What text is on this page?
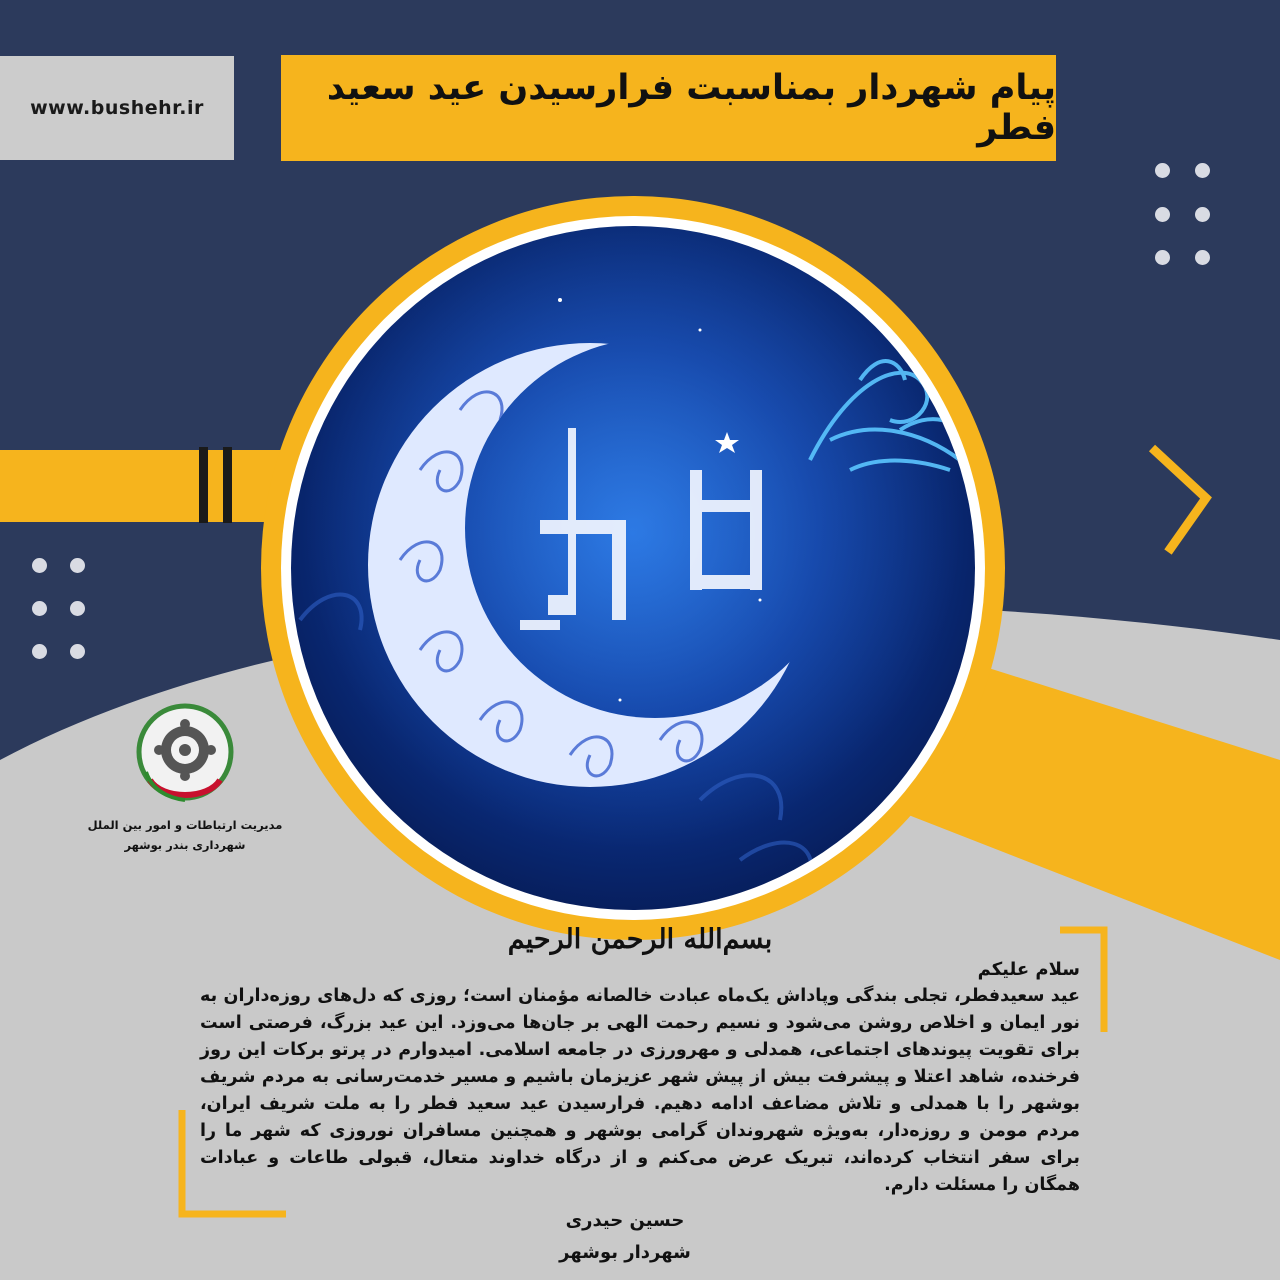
www.bushehr.ir	پیام شهردار بمناسبت فرارسیدن عید سعید فطر
مدیریت ارتباطات و امور بین الملل
شهرداری بندر بوشهر
بسم‌الله الرحمن الرحیم
سلام علیکم
عید سعیدفطر، تجلی بندگی وپاداش یک‌ماه عبادت خالصانه مؤمنان است؛ روزی که دل‌های روزه‌داران به نور ایمان و اخلاص روشن می‌شود و نسیم رحمت الهی بر جان‌ها می‌وزد. این عید بزرگ، فرصتی است برای تقویت پیوندهای اجتماعی، همدلی و مهرورزی در جامعه اسلامی. امیدوارم در پرتو برکات این روز فرخنده، شاهد اعتلا و پیشرفت بیش از پیش شهر عزیزمان باشیم و مسیر خدمت‌رسانی به مردم شریف بوشهر را با همدلی و تلاش مضاعف ادامه دهیم. فرارسیدن عید سعید فطر را به ملت شریف ایران، مردم مومن و روزه‌دار، به‌ویژه شهروندان گرامی بوشهر و همچنین مسافران نوروزی که شهر ما را برای سفر انتخاب کرده‌اند، تبریک عرض می‌کنم و از درگاه خداوند متعال، قبولی طاعات و عبادات همگان را مسئلت دارم.
حسین حیدری
شهردار بوشهر
